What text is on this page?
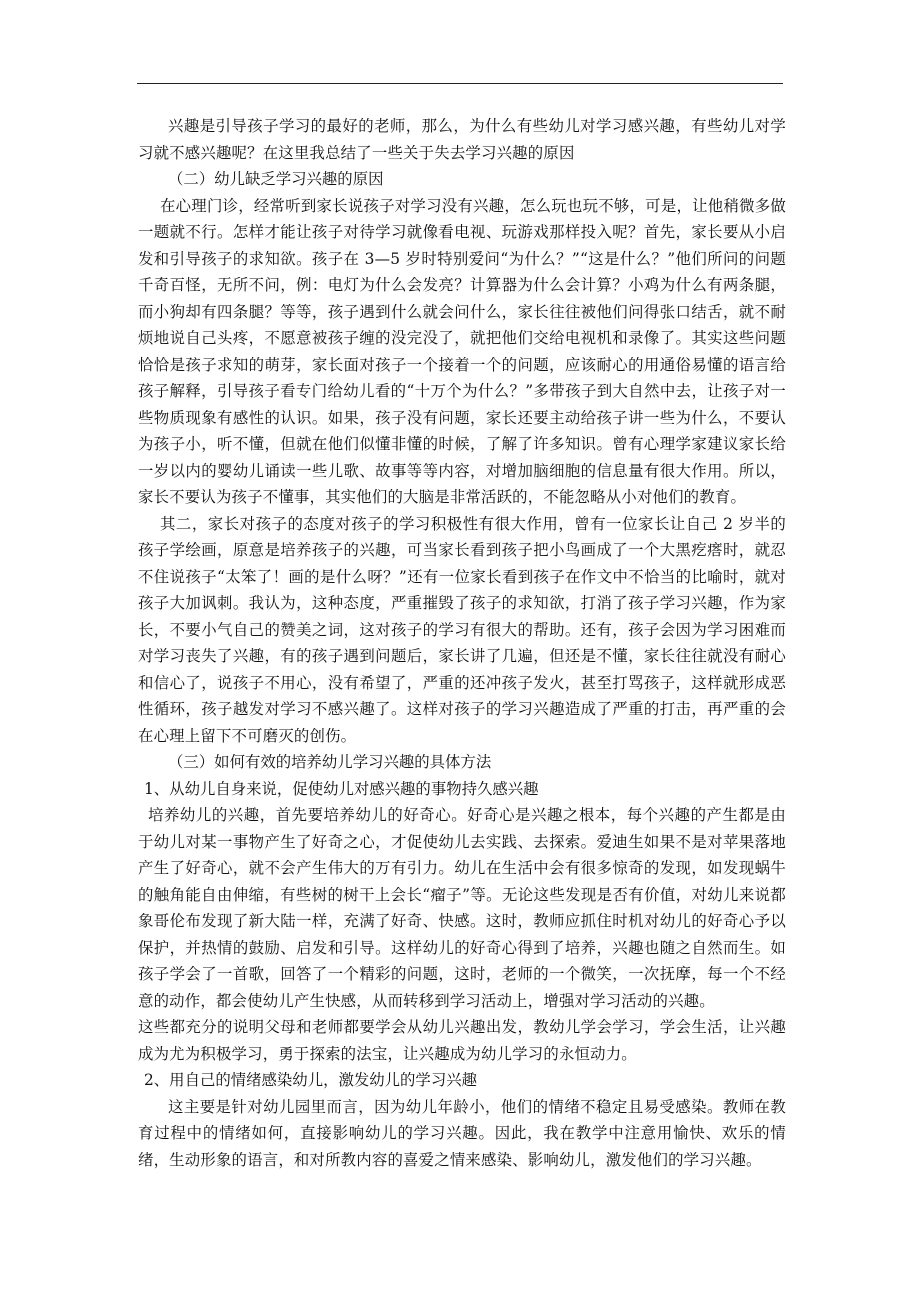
兴趣是引导孩子学习的最好的老师，那么，为什么有些幼儿对学习感兴趣，有些幼儿对学习就不感兴趣呢？在这里我总结了一些关于失去学习兴趣的原因

（二）幼儿缺乏学习兴趣的原因

在心理门诊，经常听到家长说孩子对学习没有兴趣，怎么玩也玩不够，可是，让他稍微多做一题就不行。怎样才能让孩子对待学习就像看电视、玩游戏那样投入呢？首先，家长要从小启发和引导孩子的求知欲。孩子在 3—5 岁时特别爱问“为什么？”“这是什么？”他们所问的问题千奇百怪，无所不问，例：电灯为什么会发亮？计算器为什么会计算？小鸡为什么有两条腿，而小狗却有四条腿？等等，孩子遇到什么就会问什么，家长往往被他们问得张口结舌，就不耐烦地说自己头疼，不愿意被孩子缠的没完没了，就把他们交给电视机和录像了。其实这些问题恰恰是孩子求知的萌芽，家长面对孩子一个接着一个的问题，应该耐心的用通俗易懂的语言给孩子解释，引导孩子看专门给幼儿看的“十万个为什么？”多带孩子到大自然中去，让孩子对一些物质现象有感性的认识。如果，孩子没有问题，家长还要主动给孩子讲一些为什么，不要认为孩子小，听不懂，但就在他们似懂非懂的时候，了解了许多知识。曾有心理学家建议家长给一岁以内的婴幼儿诵读一些儿歌、故事等等内容，对增加脑细胞的信息量有很大作用。所以，家长不要认为孩子不懂事，其实他们的大脑是非常活跃的，不能忽略从小对他们的教育。

其二，家长对孩子的态度对孩子的学习积极性有很大作用，曾有一位家长让自己 2 岁半的孩子学绘画，原意是培养孩子的兴趣，可当家长看到孩子把小鸟画成了一个大黑疙瘩时，就忍不住说孩子“太笨了！画的是什么呀？”还有一位家长看到孩子在作文中不恰当的比喻时，就对孩子大加讽刺。我认为，这种态度，严重摧毁了孩子的求知欲，打消了孩子学习兴趣，作为家长，不要小气自己的赞美之词，这对孩子的学习有很大的帮助。还有，孩子会因为学习困难而对学习丧失了兴趣，有的孩子遇到问题后，家长讲了几遍，但还是不懂，家长往往就没有耐心和信心了，说孩子不用心，没有希望了，严重的还冲孩子发火，甚至打骂孩子，这样就形成恶性循环，孩子越发对学习不感兴趣了。这样对孩子的学习兴趣造成了严重的打击，再严重的会在心理上留下不可磨灭的创伤。

（三）如何有效的培养幼儿学习兴趣的具体方法

1、从幼儿自身来说，促使幼儿对感兴趣的事物持久感兴趣

培养幼儿的兴趣，首先要培养幼儿的好奇心。好奇心是兴趣之根本，每个兴趣的产生都是由于幼儿对某一事物产生了好奇之心，才促使幼儿去实践、去探索。爱迪生如果不是对苹果落地产生了好奇心，就不会产生伟大的万有引力。幼儿在生活中会有很多惊奇的发现，如发现蜗牛的触角能自由伸缩，有些树的树干上会长“瘤子”等。无论这些发现是否有价值，对幼儿来说都象哥伦布发现了新大陆一样，充满了好奇、快感。这时，教师应抓住时机对幼儿的好奇心予以保护，并热情的鼓励、启发和引导。这样幼儿的好奇心得到了培养，兴趣也随之自然而生。如孩子学会了一首歌，回答了一个精彩的问题，这时，老师的一个微笑，一次抚摩，每一个不经意的动作，都会使幼儿产生快感，从而转移到学习活动上，增强对学习活动的兴趣。

这些都充分的说明父母和老师都要学会从幼儿兴趣出发，教幼儿学会学习，学会生活，让兴趣成为尤为积极学习，勇于探索的法宝，让兴趣成为幼儿学习的永恒动力。

2、用自己的情绪感染幼儿，激发幼儿的学习兴趣

这主要是针对幼儿园里而言，因为幼儿年龄小，他们的情绪不稳定且易受感染。教师在教育过程中的情绪如何，直接影响幼儿的学习兴趣。因此，我在教学中注意用愉快、欢乐的情绪，生动形象的语言，和对所教内容的喜爱之情来感染、影响幼儿，激发他们的学习兴趣。
